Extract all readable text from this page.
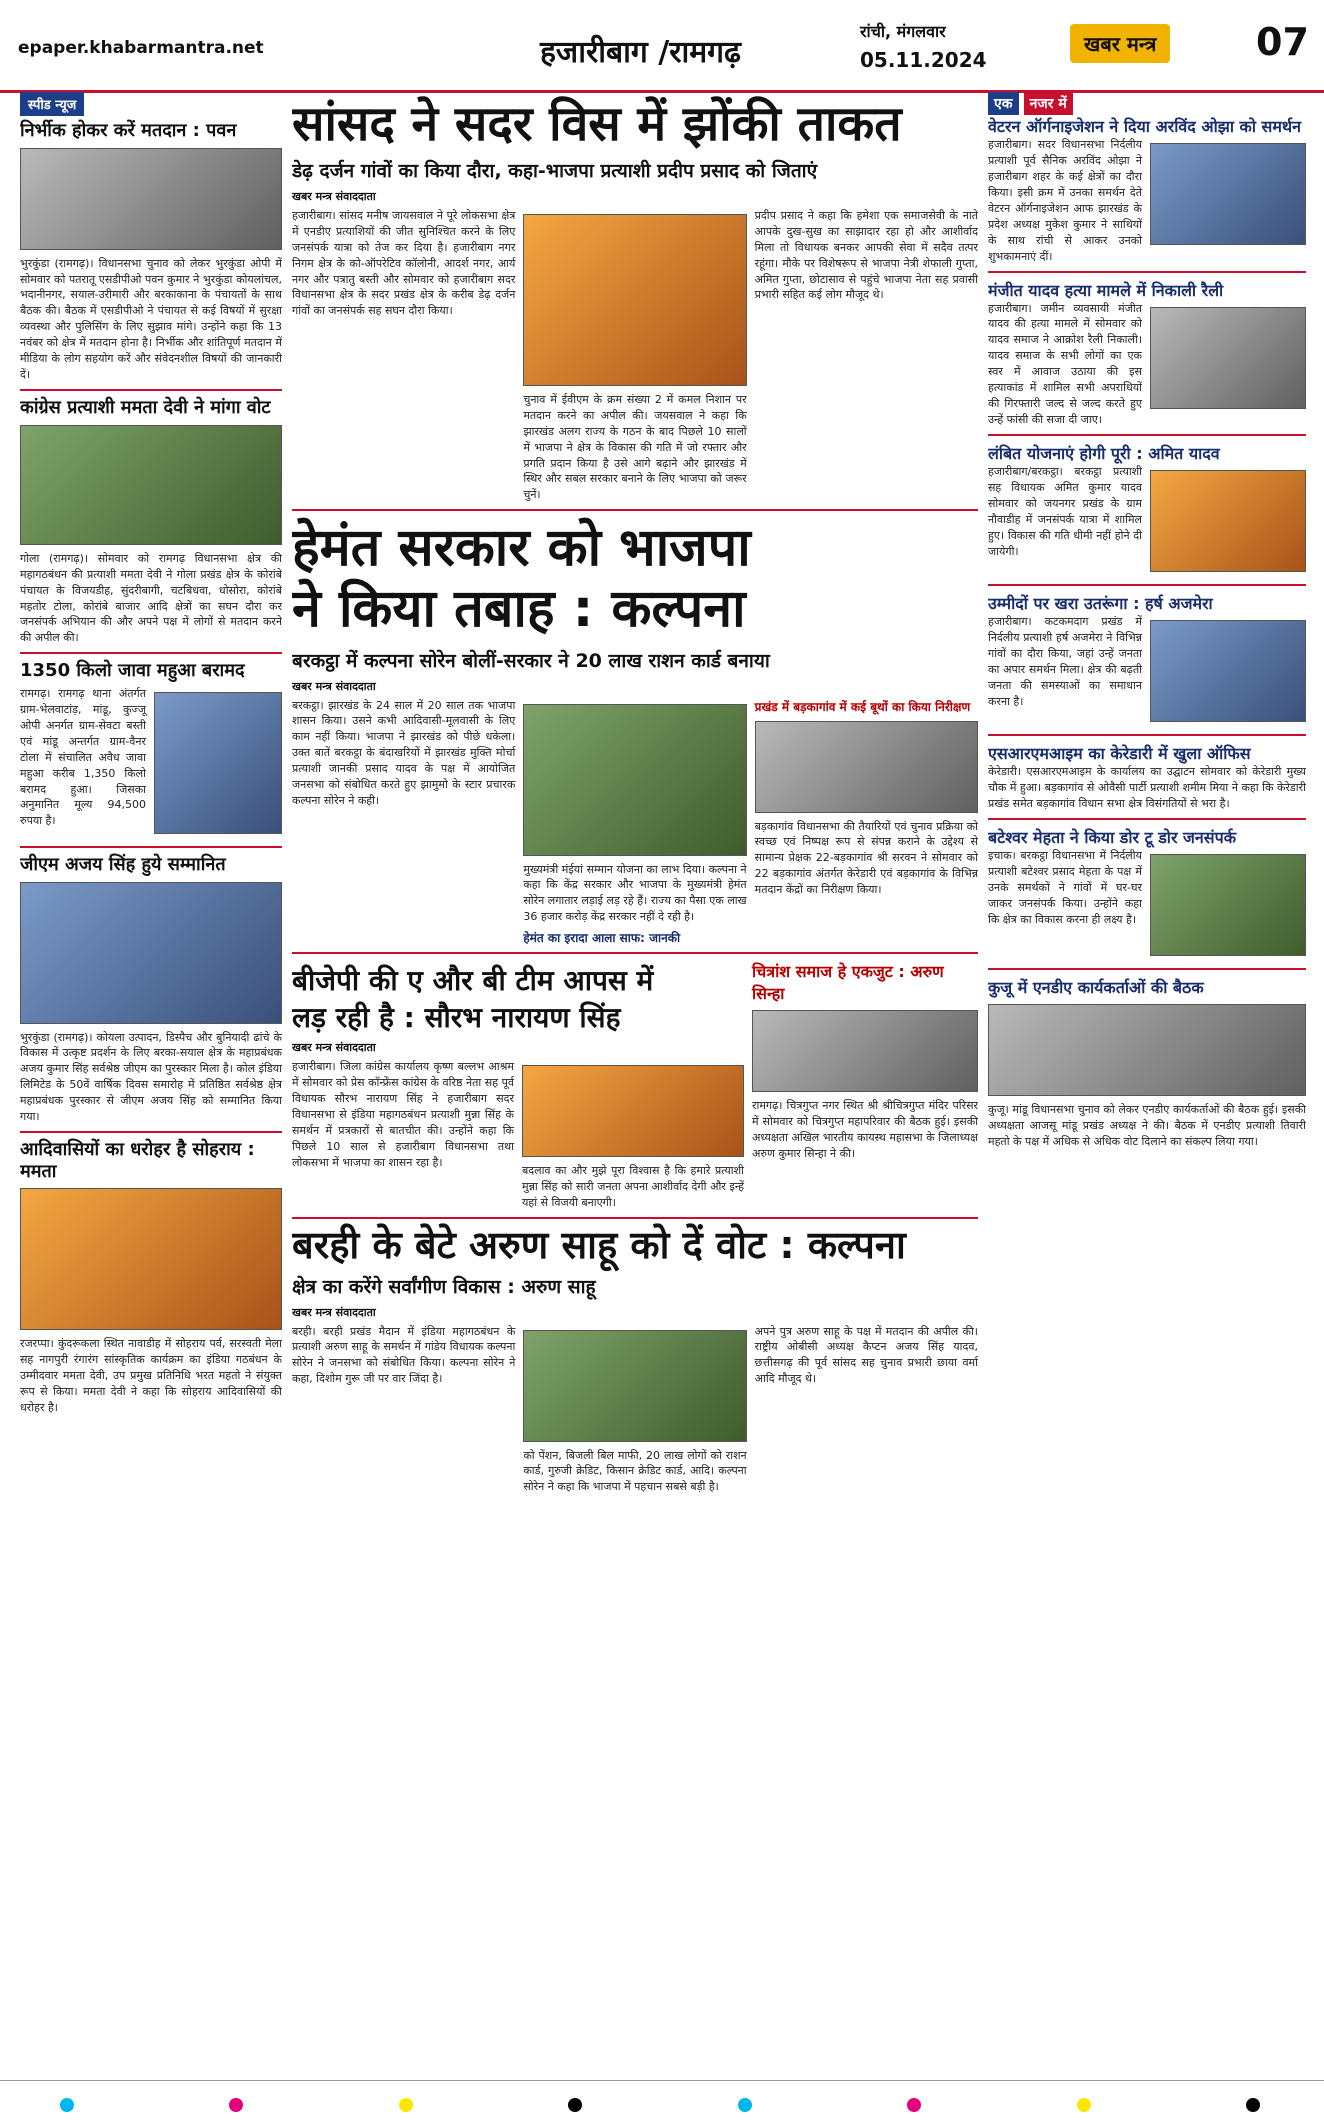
epaper.khabarmantra.net	हजारीबाग /रामगढ़
रांची, मंगलवार
05.11.2024
खबर मन्त्र	07
स्पीड न्यूज
निर्भीक होकर करें मतदान : पवन
भुरकुंडा (रामगढ़)। विधानसभा चुनाव को लेकर भुरकुंडा ओपी में सोमवार को पतरातू एसडीपीओ पवन कुमार ने भुरकुंडा कोयलांचल, भदानीनगर, सयाल-उरीमारी और बरकाकाना के पंचायतों के साथ बैठक की। बैठक में एसडीपीओ ने पंचायत से कई विषयों में सुरक्षा व्यवस्था और पुलिसिंग के लिए सुझाव मांगे। उन्होंने कहा कि 13 नवंबर को क्षेत्र में मतदान होना है। निर्भीक और शांतिपूर्ण मतदान में मीडिया के लोग सहयोग करें और संवेदनशील विषयों की जानकारी दें।
कांग्रेस प्रत्याशी ममता देवी ने मांगा वोट
गोला (रामगढ़)। सोमवार को रामगढ़ विधानसभा क्षेत्र की महागठबंधन की प्रत्याशी ममता देवी ने गोला प्रखंड क्षेत्र के कोरांबे पंचायत के विजयडीह, सुंदरीबागी, चटबिधवा, धोसोरा, कोरांबे महतोर टोला, कोरांबे बाजार आदि क्षेत्रों का सघन दौरा कर जनसंपर्क अभियान की और अपने पक्ष में लोगों से मतदान करने की अपील की।
1350 किलो जावा महुआ बरामद
रामगढ़। रामगढ़ थाना अंतर्गत ग्राम-भेलवाटांड़, मांडू, कुज्जू ओपी अनर्गत ग्राम-सेवटा बस्ती एवं मांडू अन्तर्गत ग्राम-वैनर टोला में संचालित अवैध जावा महुआ करीब 1,350 किलो बरामद हुआ। जिसका अनुमानित मूल्य 94,500 रुपया है।
जीएम अजय सिंह हुये सम्मानित
भुरकुंडा (रामगढ़)। कोयला उत्पादन, डिस्पैच और बुनियादी ढांचे के विकास में उत्कृष्ट प्रदर्शन के लिए बरका-सयाल क्षेत्र के महाप्रबंधक अजय कुमार सिंह सर्वश्रेष्ठ जीएम का पुरस्कार मिला है। कोल इंडिया लिमिटेड के 50वें वार्षिक दिवस समारोह में प्रतिष्ठित सर्वश्रेष्ठ क्षेत्र महाप्रबंधक पुरस्कार से जीएम अजय सिंह को सम्मानित किया गया।
आदिवासियों का धरोहर है सोहराय : ममता
रजरप्पा। कुंदरूकला स्थित नावाडीह में सोहराय पर्व, सरस्वती मेला सह नागपुरी रंगारंग सांस्कृतिक कार्यक्रम का इंडिया गठबंधन के उम्मीदवार ममता देवी, उप प्रमुख प्रतिनिधि भरत महतो ने संयुक्त रूप से किया। ममता देवी ने कहा कि सोहराय आदिवासियों की धरोहर है।
सांसद ने सदर विस में झोंकी ताकत
डेढ़ दर्जन गांवों का किया दौरा, कहा-भाजपा प्रत्याशी प्रदीप प्रसाद को जिताएं
खबर मन्त्र संवाददाता
हजारीबाग। सांसद मनीष जायसवाल ने पूरे लोकसभा क्षेत्र में एनडीए प्रत्याशियों की जीत सुनिश्चित करने के लिए जनसंपर्क यात्रा को तेज कर दिया है। हजारीबाग नगर निगम क्षेत्र के को-ऑपरेटिव कॉलोनी, आदर्श नगर, आर्य नगर और पत्रातु बस्ती और सोमवार को हजारीबाग सदर विधानसभा क्षेत्र के सदर प्रखंड क्षेत्र के करीब डेढ़ दर्जन गांवों का जनसंपर्क सह सघन दौरा किया।
चुनाव में ईवीएम के क्रम संख्या 2 में कमल निशान पर मतदान करने का अपील की। जयसवाल ने कहा कि झारखंड अलग राज्य के गठन के बाद पिछले 10 सालों में भाजपा ने क्षेत्र के विकास की गति में जो रफ्तार और प्रगति प्रदान किया है उसे आगे बढ़ाने और झारखंड में स्थिर और सबल सरकार बनाने के लिए भाजपा को जरूर चुनें।
प्रदीप प्रसाद ने कहा कि हमेशा एक समाजसेवी के नाते आपके दुख-सुख का साझादार रहा हो और आशीर्वाद मिला तो विधायक बनकर आपकी सेवा में सदैव तत्पर रहूंगा। मौके पर विशेषरूप से भाजपा नेत्री शेफाली गुप्ता, अमित गुप्ता, छोटासाव से पहुंचे भाजपा नेता सह प्रवासी प्रभारी सहित कई लोग मौजूद थे।
हेमंत सरकार को भाजपा
ने किया तबाह : कल्पना
बरकट्ठा में कल्पना सोरेन बोलीं-सरकार ने 20 लाख राशन कार्ड बनाया
खबर मन्त्र संवाददाता
बरकट्ठा। झारखंड के 24 साल में 20 साल तक भाजपा शासन किया। उसने कभी आदिवासी-मूलवासी के लिए काम नहीं किया। भाजपा ने झारखंड को पीछे धकेला। उक्त बातें बरकट्ठा के बंदाखरियों में झारखंड मुक्ति मोर्चा प्रत्याशी जानकी प्रसाद यादव के पक्ष में आयोजित जनसभा को संबोधित करते हुए झामुमो के स्टार प्रचारक कल्पना सोरेन ने कही।
मुख्यमंत्री मंईयां सम्मान योजना का लाभ दिया। कल्पना ने कहा कि केंद्र सरकार और भाजपा के मुख्यमंत्री हेमंत सोरेन लगातार लड़ाई लड़ रहे हैं। राज्य का पैसा एक लाख 36 हजार करोड़ केंद्र सरकार नहीं दे रही है।
हेमंत का इरादा आला साफ: जानकी
प्रखंड में बड़कागांव में कई बूथों का किया निरीक्षण
बड़कागांव विधानसभा की तैयारियों एवं चुनाव प्रक्रिया को स्वच्छ एवं निष्पक्ष रूप से संपन्न कराने के उद्देश्य से सामान्य प्रेक्षक 22-बड़कागांव श्री सरवन ने सोमवार को 22 बड़कागांव अंतर्गत केरेडारी एवं बड़कागांव के विभिन्न मतदान केंद्रों का निरीक्षण किया।
बीजेपी की ए और बी टीम आपस में
लड़ रही है : सौरभ नारायण सिंह
खबर मन्त्र संवाददाता
हजारीबाग। जिला कांग्रेस कार्यालय कृष्ण बल्लभ आश्रम में सोमवार को प्रेस कॉन्फ्रेंस कांग्रेस के वरिष्ठ नेता सह पूर्व विधायक सौरभ नारायण सिंह ने हजारीबाग सदर विधानसभा से इंडिया महागठबंधन प्रत्याशी मुन्ना सिंह के समर्थन में प्रत्रकारों से बातचीत की। उन्होंने कहा कि पिछले 10 साल से हजारीबाग विधानसभा तथा लोकसभा में भाजपा का शासन रहा है।
बदलाव का और मुझे पूरा विश्वास है कि हमारे प्रत्याशी मुन्ना सिंह को सारी जनता अपना आशीर्वाद देगी और इन्हें यहां से विजयी बनाएगी।
चित्रांश समाज हे एकजुट : अरुण सिन्हा
रामगढ़। चित्रगुप्त नगर स्थित श्री श्रीचित्रगुप्त मंदिर परिसर में सोमवार को चित्रगुप्त महापरिवार की बैठक हुई। इसकी अध्यक्षता अखिल भारतीय कायस्थ महासभा के जिलाध्यक्ष अरुण कुमार सिन्हा ने की।
बरही के बेटे अरुण साहू को दें वोट : कल्पना
क्षेत्र का करेंगे सर्वांगीण विकास : अरुण साहू
खबर मन्त्र संवाददाता
बरही। बरही प्रखंड मैदान में इंडिया महागठबंधन के प्रत्याशी अरुण साहू के समर्थन में गांडेय विधायक कल्पना सोरेन ने जनसभा को संबोधित किया। कल्पना सोरेन ने कहा, दिशोम गुरू जी पर वार जिंदा है।
को पेंशन, बिजली बिल माफी, 20 लाख लोगों को राशन कार्ड, गुरुजी क्रेडिट, किसान क्रेडिट कार्ड, आदि। कल्पना सोरेन ने कहा कि भाजपा में पहचान सबसे बड़ी है।
अपने पुत्र अरुण साहू के पक्ष में मतदान की अपील की। राष्ट्रीय ओबीसी अध्यक्ष कैप्टन अजय सिंह यादव, छत्तीसगढ़ की पूर्व सांसद सह चुनाव प्रभारी छाया वर्मा आदि मौजूद थे।
एक नजर में
वेटरन ऑर्गनाइजेशन ने दिया अरविंद ओझा को समर्थन
हजारीबाग। सदर विधानसभा निर्दलीय प्रत्याशी पूर्व सैनिक अरविंद ओझा ने हजारीबाग शहर के कई क्षेत्रों का दौरा किया। इसी क्रम में उनका समर्थन देते वेटरन ऑर्गनाइजेशन आफ झारखंड के प्रदेश अध्यक्ष मुकेश कुमार ने साथियों के साथ रांची से आकर उनको शुभकामनाएं दीं।
मंजीत यादव हत्या मामले में निकाली रैली
हजारीबाग। जमीन व्यवसायी मंजीत यादव की हत्या मामले में सोमवार को यादव समाज ने आक्रोश रैली निकाली। यादव समाज के सभी लोगों का एक स्वर में आवाज उठाया की इस हत्याकांड में शामिल सभी अपराधियों की गिरफ्तारी जल्द से जल्द करते हुए उन्हें फांसी की सजा दी जाए।
लंबित योजनाएं होगी पूरी : अमित यादव
हजारीबाग/बरकट्ठा। बरकट्ठा प्रत्याशी सह विधायक अमित कुमार यादव सोमवार को जयनगर प्रखंड के ग्राम नौवाडीह में जनसंपर्क यात्रा में शामिल हुए। विकास की गति धीमी नहीं होने दी जायेगी।
उम्मीदों पर खरा उतरूंगा : हर्ष अजमेरा
हजारीबाग। कटकमदाग प्रखंड में निर्दलीय प्रत्याशी हर्ष अजमेरा ने विभिन्न गांवों का दौरा किया, जहां उन्हें जनता का अपार समर्थन मिला। क्षेत्र की बढ़ती जनता की समस्याओं का समाधान करना है।
एसआरएमआइम का केरेडारी में खुला ऑफिस
केरेडारी। एसआरएमआइम के कार्यालय का उद्घाटन सोमवार को केरेडारी मुख्य चौक में हुआ। बड़कागांव से ओवैसी पार्टी प्रत्याशी शमीम मिया ने कहा कि केरेडारी प्रखंड समेत बड़कागांव विधान सभा क्षेत्र विसंगतियों से भरा है।
बटेश्वर मेहता ने किया डोर टू डोर जनसंपर्क
इचाक। बरकट्ठा विधानसभा में निर्दलीय प्रत्याशी बटेश्वर प्रसाद मेहता के पक्ष में उनके समर्थकों ने गांवों में घर-घर जाकर जनसंपर्क किया। उन्होंने कहा कि क्षेत्र का विकास करना ही लक्ष्य है।
कुजू में एनडीए कार्यकर्ताओं की बैठक
कुजू। मांडू विधानसभा चुनाव को लेकर एनडीए कार्यकर्ताओं की बैठक हुई। इसकी अध्यक्षता आजसू मांडू प्रखंड अध्यक्ष ने की। बैठक में एनडीए प्रत्याशी तिवारी महतो के पक्ष में अधिक से अधिक वोट दिलाने का संकल्प लिया गया।
